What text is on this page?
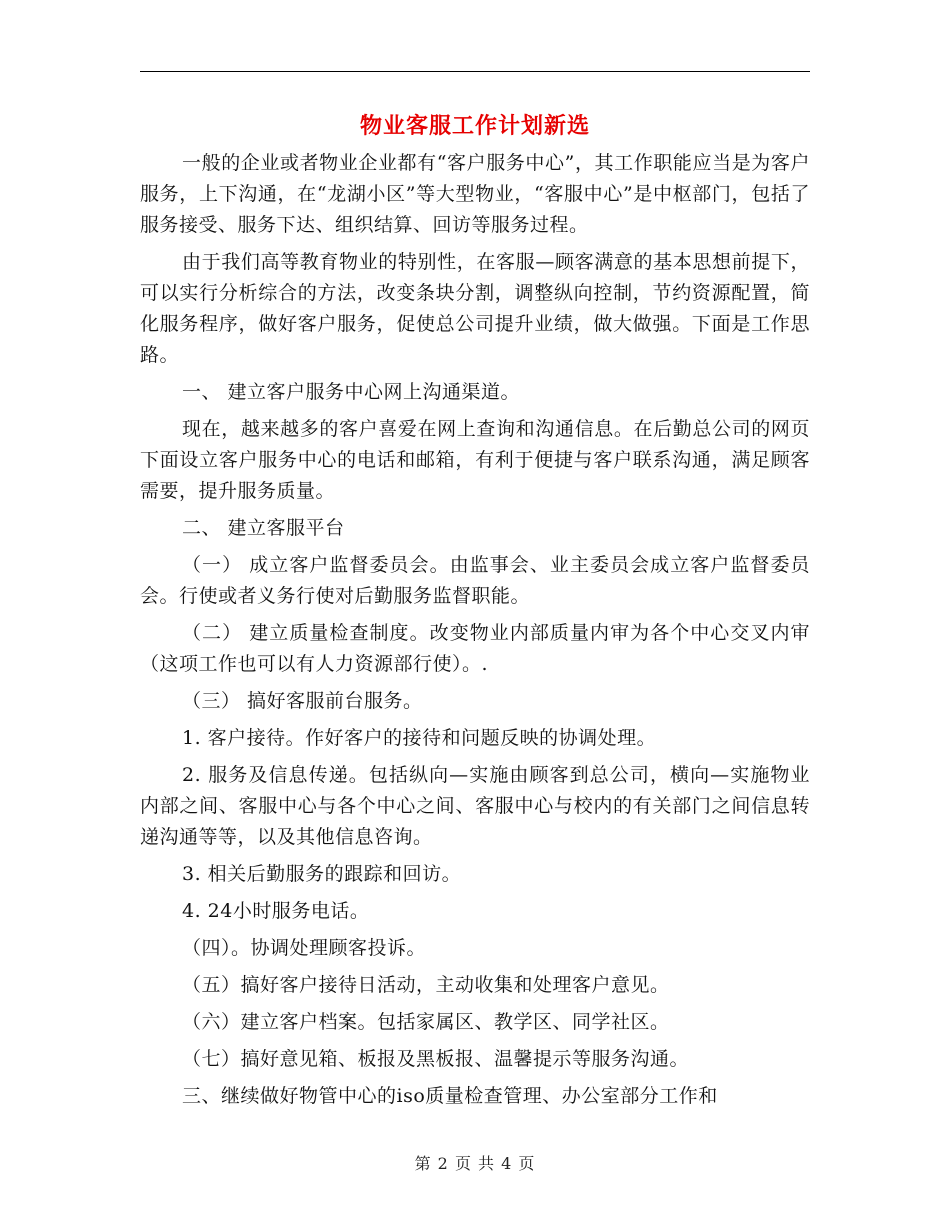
物业客服工作计划新选

一般的企业或者物业企业都有“客户服务中心”，其工作职能应当是为客户服务，上下沟通，在“龙湖小区”等大型物业，“客服中心”是中枢部门，包括了服务接受、服务下达、组织结算、回访等服务过程。

由于我们高等教育物业的特别性，在客服—顾客满意的基本思想前提下，可以实行分析综合的方法，改变条块分割，调整纵向控制，节约资源配置，简化服务程序，做好客户服务，促使总公司提升业绩，做大做强。下面是工作思路。

一、 建立客户服务中心网上沟通渠道。

现在，越来越多的客户喜爱在网上查询和沟通信息。在后勤总公司的网页下面设立客户服务中心的电话和邮箱，有利于便捷与客户联系沟通，满足顾客需要，提升服务质量。

二、 建立客服平台

（一） 成立客户监督委员会。由监事会、业主委员会成立客户监督委员会。行使或者义务行使对后勤服务监督职能。

（二） 建立质量检查制度。改变物业内部质量内审为各个中心交叉内审（这项工作也可以有人力资源部行使）。.

（三） 搞好客服前台服务。

1. 客户接待。作好客户的接待和问题反映的协调处理。

2. 服务及信息传递。包括纵向—实施由顾客到总公司，横向—实施物业内部之间、客服中心与各个中心之间、客服中心与校内的有关部门之间信息转递沟通等等，以及其他信息咨询。

3. 相关后勤服务的跟踪和回访。

4. 24小时服务电话。

（四）。协调处理顾客投诉。

（五）搞好客户接待日活动，主动收集和处理客户意见。

（六）建立客户档案。包括家属区、教学区、同学社区。

（七）搞好意见箱、板报及黑板报、温馨提示等服务沟通。

三、继续做好物管中心的iso质量检查管理、办公室部分工作和

第 2 页 共 4 页
